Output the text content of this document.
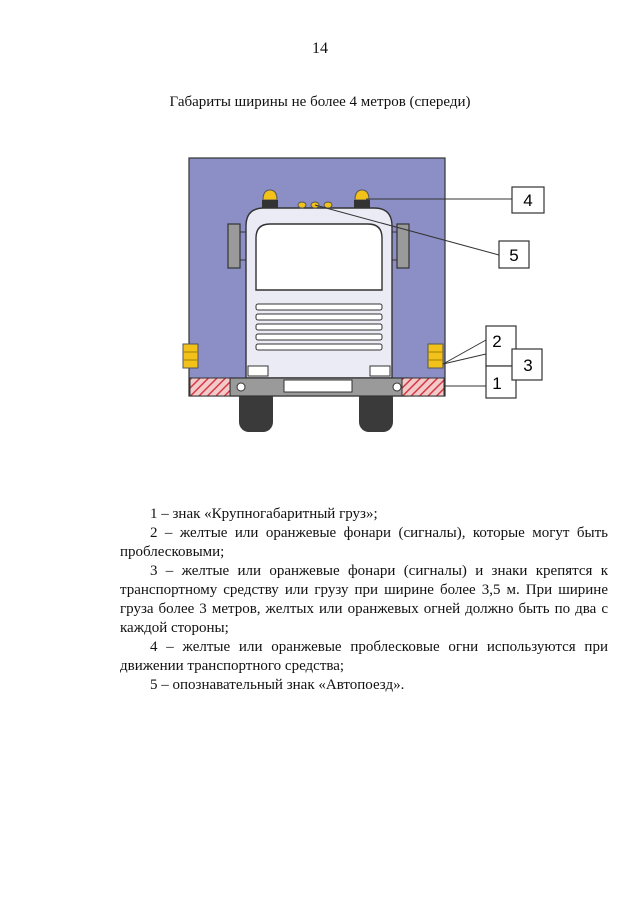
14
Габариты ширины не более 4 метров (спереди)
4
5
2
1
3

1 – знак «Крупногабаритный груз»;

2 – желтые или оранжевые фонари (сигналы), которые могут быть проблесковыми;

3 – желтые или оранжевые фонари (сигналы) и знаки крепятся к транспортному средству или грузу при ширине более 3,5 м. При ширине груза более 3 метров, желтых или оранжевых огней должно быть по два с каждой стороны;

4 – желтые или оранжевые проблесковые огни используются при движении транспортного средства;

5 – опознавательный знак «Автопоезд».
